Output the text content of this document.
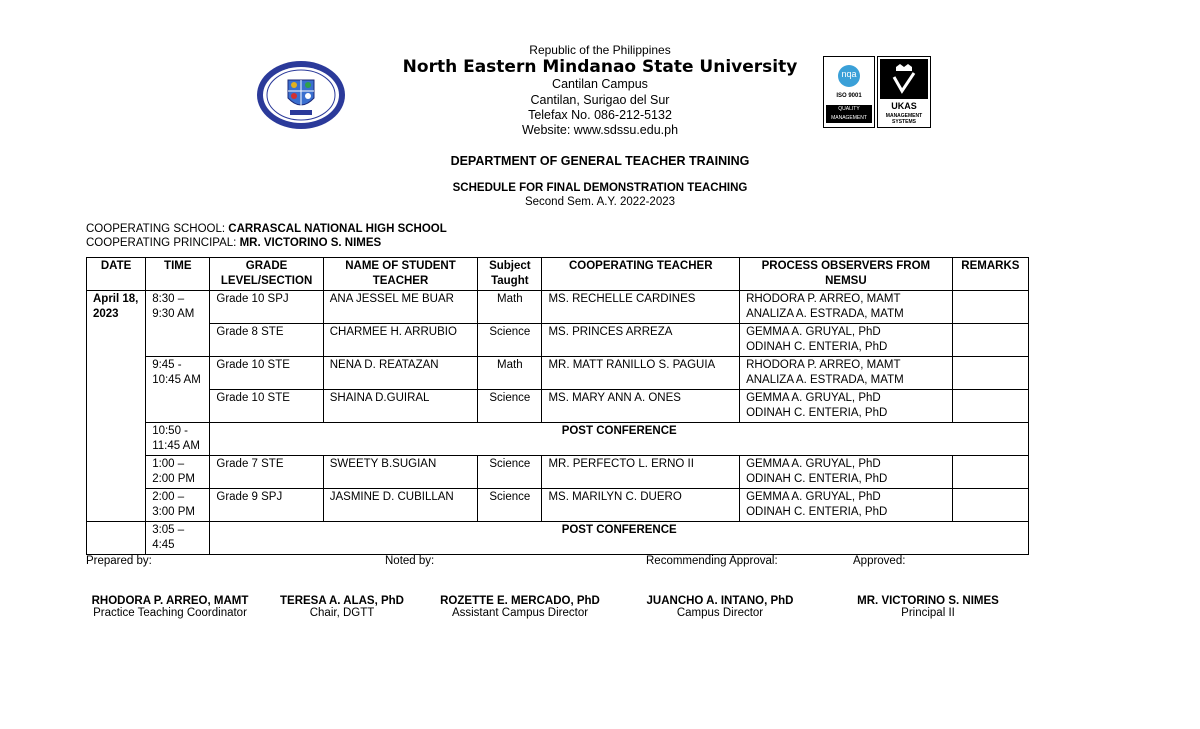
Republic of the Philippines
North Eastern Mindanao State University
Cantilan Campus
Cantilan, Surigao del Sur
Telefax No. 086-212-5132
Website: www.sdssu.edu.ph
nqa
ISO 9001
QUALITY MANAGEMENT
UKAS
MANAGEMENT SYSTEMS
DEPARTMENT OF GENERAL TEACHER TRAINING
SCHEDULE FOR FINAL DEMONSTRATION TEACHING
Second Sem. A.Y. 2022-2023
COOPERATING SCHOOL: CARRASCAL NATIONAL HIGH SCHOOL
COOPERATING PRINCIPAL: MR. VICTORINO S. NIMES
DATE	TIME	GRADE LEVEL/SECTION	NAME OF STUDENT TEACHER	Subject Taught	COOPERATING TEACHER	PROCESS OBSERVERS FROM NEMSU	REMARKS
April 18, 2023	8:30 – 9:30 AM	Grade 10 SPJ	ANA JESSEL ME BUAR	Math	MS. RECHELLE CARDINES	RHODORA P. ARREO, MAMT
ANALIZA A. ESTRADA, MATM	

		Grade 8 STE	CHARMEE H. ARRUBIO	Science	MS. PRINCES ARREZA	GEMMA A. GRUYAL, PhD
ODINAH C. ENTERIA, PhD	

	9:45 - 10:45 AM	Grade 10 STE	NENA D. REATAZAN	Math	MR. MATT RANILLO S. PAGUIA	RHODORA P. ARREO, MAMT
ANALIZA A. ESTRADA, MATM	

		Grade 10 STE	SHAINA D.GUIRAL	Science	MS. MARY ANN A. ONES	GEMMA A. GRUYAL, PhD
ODINAH C. ENTERIA, PhD	

	10:50 - 11:45 AM	POST CONFERENCE					
	1:00 – 2:00 PM	Grade 7 STE	SWEETY B.SUGIAN	Science	MR. PERFECTO L. ERNO II	GEMMA A. GRUYAL, PhD
ODINAH C. ENTERIA, PhD	

	2:00 – 3:00 PM	Grade 9 SPJ	JASMINE D. CUBILLAN	Science	MS. MARILYN C. DUERO	GEMMA A. GRUYAL, PhD
ODINAH C. ENTERIA, PhD	

	3:05 – 4:45	POST CONFERENCE					
Prepared by:	Noted by:	Recommending Approval:	Approved:
RHODORA P. ARREO, MAMT
Practice Teaching Coordinator
TERESA A. ALAS, PhD
Chair, DGTT
ROZETTE E. MERCADO, PhD
Assistant Campus Director
JUANCHO A. INTANO, PhD
Campus Director
MR. VICTORINO S. NIMES
Principal II
